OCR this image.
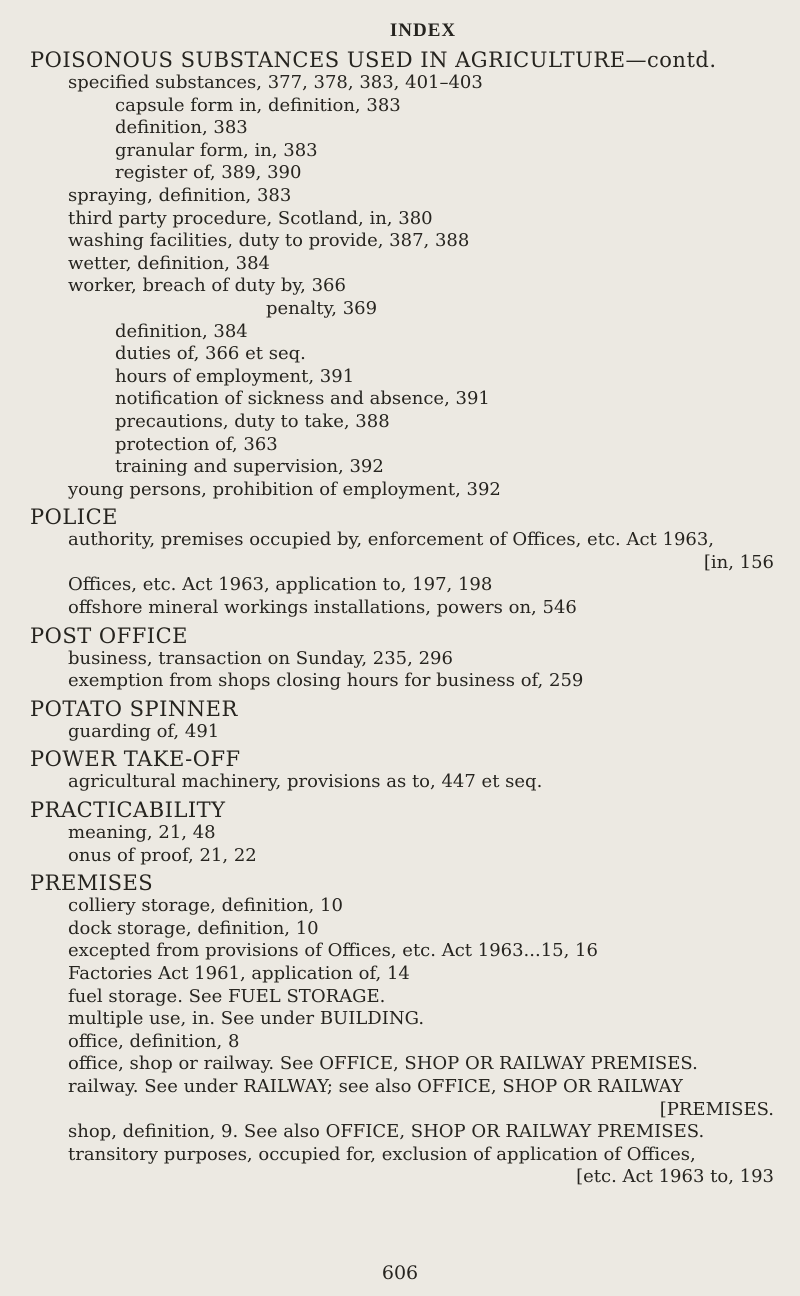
INDEX
POISONOUS SUBSTANCES USED IN AGRICULTURE—contd.
specified substances, 377, 378, 383, 401–403
capsule form in, definition, 383
definition, 383
granular form, in, 383
register of, 389, 390
spraying, definition, 383
third party procedure, Scotland, in, 380
washing facilities, duty to provide, 387, 388
wetter, definition, 384
worker, breach of duty by, 366
penalty, 369
definition, 384
duties of, 366 et seq.
hours of employment, 391
notification of sickness and absence, 391
precautions, duty to take, 388
protection of, 363
training and supervision, 392
young persons, prohibition of employment, 392
POLICE
authority, premises occupied by, enforcement of Offices, etc. Act 1963,
[in, 156
Offices, etc. Act 1963, application to, 197, 198
offshore mineral workings installations, powers on, 546
POST OFFICE
business, transaction on Sunday, 235, 296
exemption from shops closing hours for business of, 259
POTATO SPINNER
guarding of, 491
POWER TAKE-OFF
agricultural machinery, provisions as to, 447 et seq.
PRACTICABILITY
meaning, 21, 48
onus of proof, 21, 22
PREMISES
colliery storage, definition, 10
dock storage, definition, 10
excepted from provisions of Offices, etc. Act 1963...15, 16
Factories Act 1961, application of, 14
fuel storage. See FUEL STORAGE.
multiple use, in. See under BUILDING.
office, definition, 8
office, shop or railway. See OFFICE, SHOP OR RAILWAY PREMISES.
railway. See under RAILWAY; see also OFFICE, SHOP OR RAILWAY
[PREMISES.
shop, definition, 9. See also OFFICE, SHOP OR RAILWAY PREMISES.
transitory purposes, occupied for, exclusion of application of Offices,
[etc. Act 1963 to, 193
606
